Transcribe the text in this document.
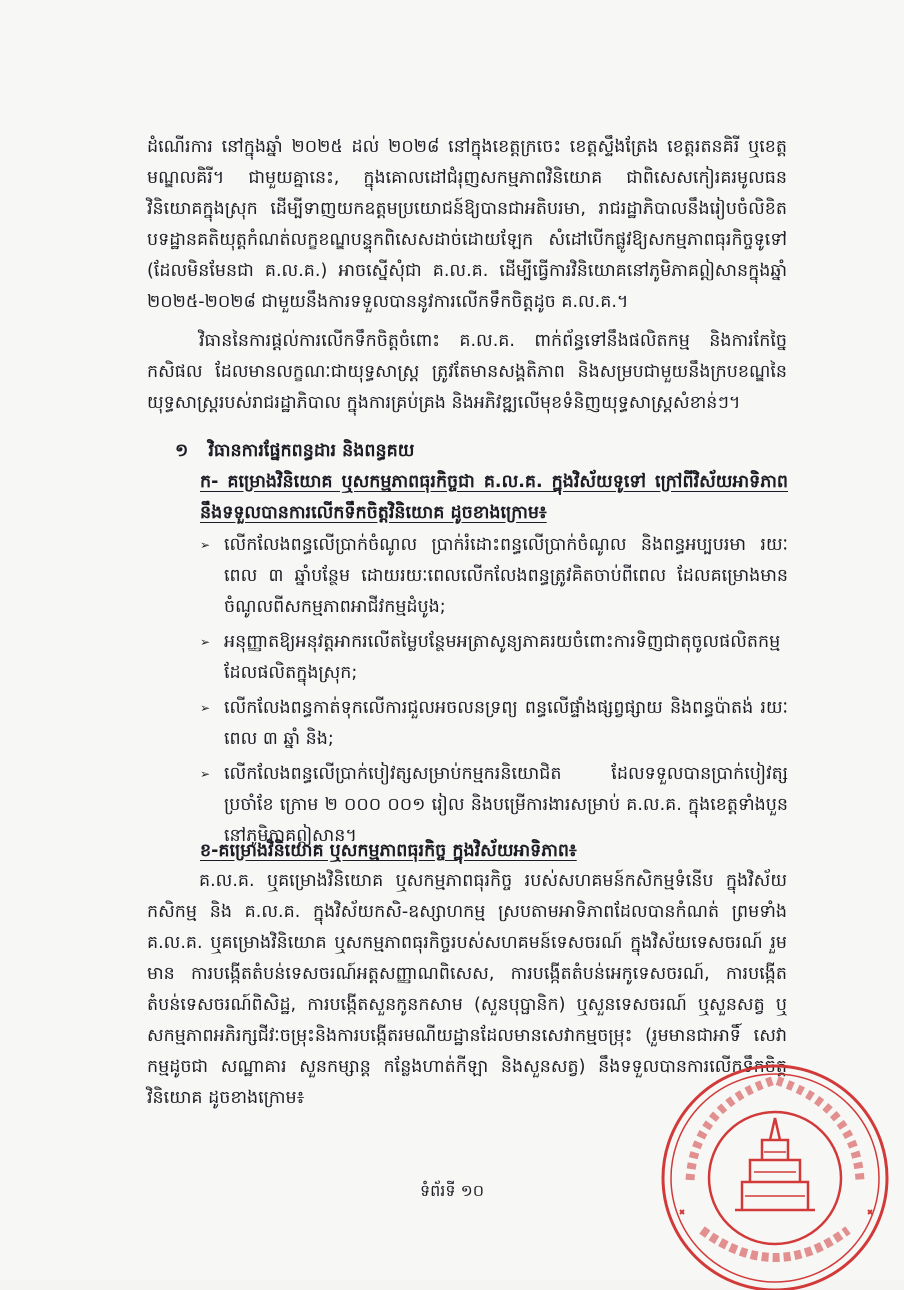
ដំណើរការ នៅក្នុងឆ្នាំ ២០២៥ ដល់ ២០២៨ នៅក្នុងខេត្តក្រចេះ ខេត្តស្ទឹងត្រែង ខេត្តរតនគិរី ឬខេត្តមណ្ឌលគិរី។ ជាមួយគ្នានេះ, ក្នុងគោលដៅជំរុញសកម្មភាពវិនិយោគ ជាពិសេសកៀរគរមូលធនវិនិយោគក្នុងស្រុក ដើម្បីទាញយកឧត្តមប្រយោជន៍ឱ្យបានជាអតិបរមា, រាជរដ្ឋាភិបាលនឹងរៀបចំលិខិតបទដ្ឋានគតិយុត្តកំណត់លក្ខខណ្ឌបន្ទុកពិសេសដាច់ដោយឡែក សំដៅបើកផ្លូវឱ្យសកម្មភាពធុរកិច្ចទូទៅ (ដែលមិនមែនជា គ.ល.គ.) អាចស្នើសុំជា គ.ល.គ. ដើម្បីធ្វើការវិនិយោគនៅភូមិភាគឦសានក្នុងឆ្នាំ ២០២៥-២០២៨ ជាមួយនឹងការទទួលបាននូវការលើកទឹកចិត្តដូច គ.ល.គ.។

វិធាននៃការផ្តល់ការលើកទឹកចិត្តចំពោះ គ.ល.គ. ពាក់ព័ន្ធទៅនឹងផលិតកម្ម និងការកែច្នៃកសិផល ដែលមានលក្ខណៈជាយុទ្ធសាស្ត្រ ត្រូវតែមានសង្គតិភាព និងសម្របជាមួយនឹងក្របខណ្ឌនៃយុទ្ធសាស្ត្ររបស់រាជរដ្ឋាភិបាល ក្នុងការគ្រប់គ្រង និងអភិវឌ្ឍលើមុខទំនិញយុទ្ធសាស្ត្រសំខាន់ៗ។

១ វិធានការផ្នែកពន្ធដារ និងពន្ធគយ

ក- គម្រោងវិនិយោគ ឬសកម្មភាពធុរកិច្ចជា គ.ល.គ. ក្នុងវិស័យទូទៅ ក្រៅពីវិស័យអាទិភាព នឹងទទួលបានការលើកទឹកចិត្តវិនិយោគ ដូចខាងក្រោម៖

➢ លើកលែងពន្ធលើប្រាក់ចំណូល ប្រាក់រំដោះពន្ធលើប្រាក់ចំណូល និងពន្ធអប្បបរមា រយៈពេល ៣ ឆ្នាំបន្ថែម ដោយរយៈពេលលើកលែងពន្ធត្រូវគិតចាប់ពីពេល ដែលគម្រោងមានចំណូលពីសកម្មភាពអាជីវកម្មដំបូង;
➢ អនុញ្ញាតឱ្យអនុវត្តអាករលើតម្លៃបន្ថែមអត្រាសូន្យភាគរយចំពោះការទិញជាតុចូលផលិតកម្ម ដែលផលិតក្នុងស្រុក;
➢ លើកលែងពន្ធកាត់ទុកលើការជួលអចលនទ្រព្យ ពន្ធលើផ្ទាំងផ្សព្វផ្សាយ និងពន្ធប៉ាតង់ រយៈពេល ៣ ឆ្នាំ និង;
➢ លើកលែងពន្ធលើប្រាក់បៀវត្សសម្រាប់កម្មករនិយោជិត ដែលទទួលបានប្រាក់បៀវត្សប្រចាំខែ ក្រោម ២ ០០០ ០០១ រៀល និងបម្រើការងារសម្រាប់ គ.ល.គ. ក្នុងខេត្តទាំងបួននៅភូមិភាគឦសាន។

ខ-គម្រោងវិនិយោគ ឬសកម្មភាពធុរកិច្ច ក្នុងវិស័យអាទិភាព៖

គ.ល.គ. ឬគម្រោងវិនិយោគ ឬសកម្មភាពធុរកិច្ច របស់សហគមន៍កសិកម្មទំនើប ក្នុងវិស័យកសិកម្ម និង គ.ល.គ. ក្នុងវិស័យកសិ-ឧស្សាហកម្ម ស្របតាមអាទិភាពដែលបានកំណត់ ព្រមទាំង គ.ល.គ. ឬគម្រោងវិនិយោគ ឬសកម្មភាពធុរកិច្ចរបស់សហគមន៍ទេសចរណ៍ ក្នុងវិស័យទេសចរណ៍ រួមមាន ការបង្កើតតំបន់ទេសចរណ៍អត្តសញ្ញាណពិសេស, ការបង្កើតតំបន់អេកូទេសចរណ៍, ការបង្កើតតំបន់ទេសចរណ៍ពិសិដ្ឋ, ការបង្កើតសួនកូនកសាម (សួនបុប្ផានិក) ឬសួនទេសចរណ៍ ឬសួនសត្វ ឬសកម្មភាពអភិរក្សជីវៈចម្រុះនិងការបង្កើតរមណីយដ្ឋានដែលមានសេវាកម្មចម្រុះ (រួមមានជាអាទិ៍ សេវាកម្មដូចជា សណ្ឋាគារ សួនកម្សាន្ត កន្លែងហាត់កីឡា និងសួនសត្វ) នឹងទទួលបានការលើកទឹកចិត្តវិនិយោគ ដូចខាងក្រោម៖

ទំព័រទី ១០
